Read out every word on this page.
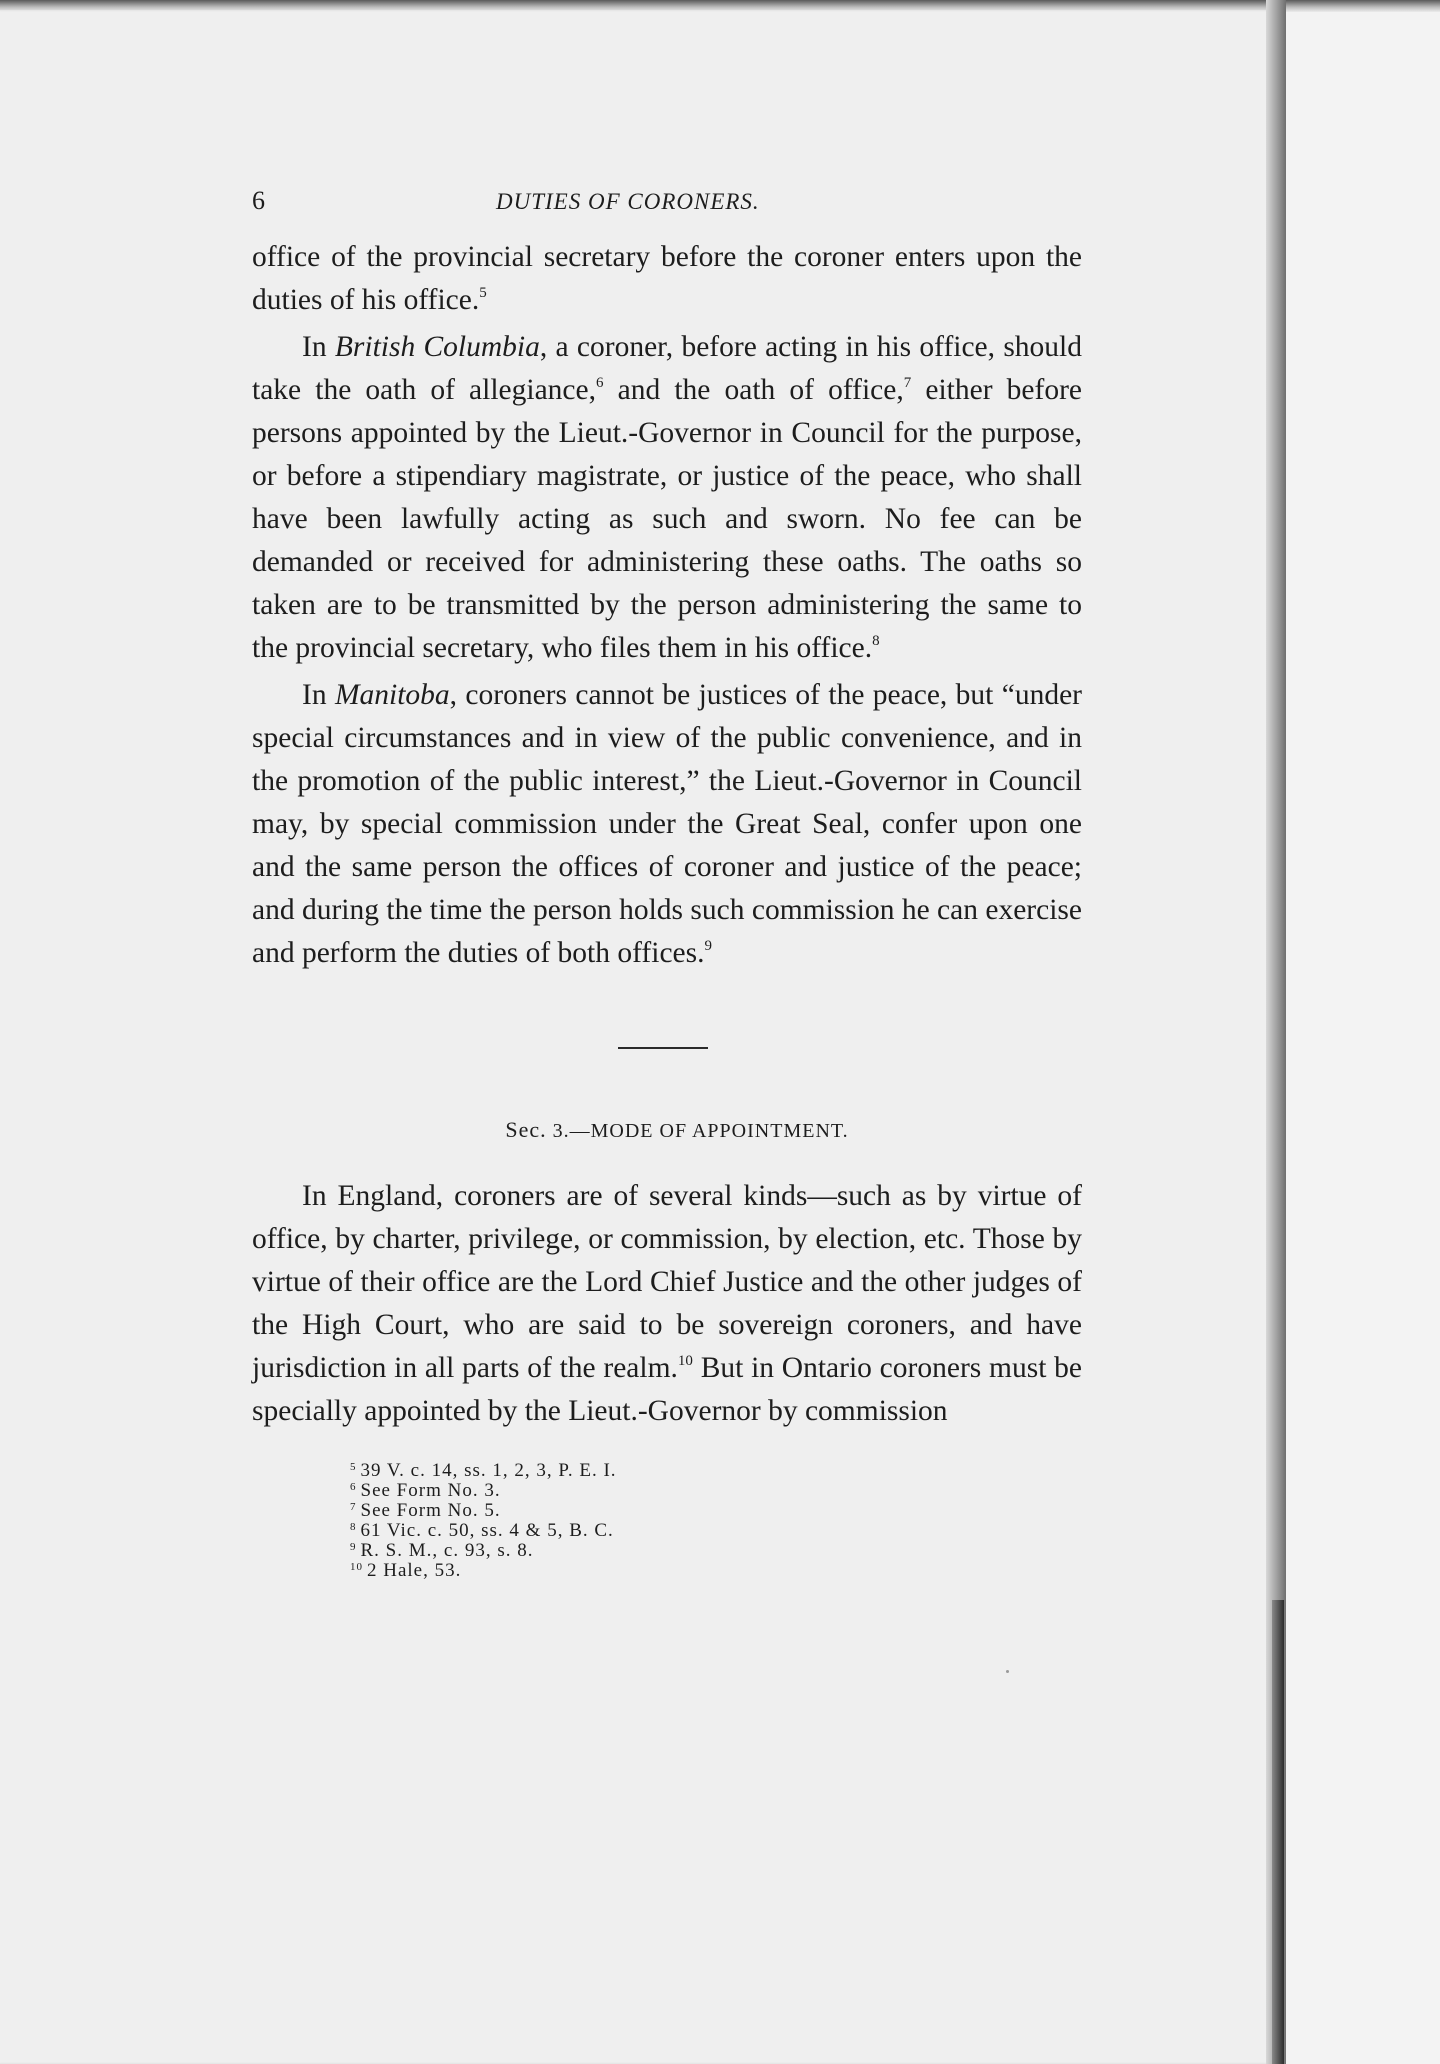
6	DUTIES OF CORONERS.

office of the provincial secretary before the coroner enters upon the duties of his office.$^5$

In British Columbia, a coroner, before acting in his office, should take the oath of allegiance,$^6$ and the oath of office,$^7$ either before persons appointed by the Lieut.-Governor in Council for the purpose, or before a stipendiary magistrate, or justice of the peace, who shall have been lawfully acting as such and sworn. No fee can be demanded or received for administering these oaths. The oaths so taken are to be transmitted by the person administering the same to the provincial secretary, who files them in his office.$^8$

In Manitoba, coroners cannot be justices of the peace, but “under special circumstances and in view of the public convenience, and in the promotion of the public interest,” the Lieut.-Governor in Council may, by special commission under the Great Seal, confer upon one and the same person the offices of coroner and justice of the peace; and during the time the person holds such commission he can exercise and perform the duties of both offices.$^9$

Sec. 3.—MODE OF APPOINTMENT.

In England, coroners are of several kinds—such as by virtue of office, by charter, privilege, or commission, by election, etc. Those by virtue of their office are the Lord Chief Justice and the other judges of the High Court, who are said to be sovereign coroners, and have jurisdiction in all parts of the realm.$^{10}$ But in Ontario coroners must be specially appointed by the Lieut.-Governor by commission

$^5$ 39 V. c. 14, ss. 1, 2, 3, P. E. I.
$^6$ See Form No. 3.
$^7$ See Form No. 5.
$^8$ 61 Vic. c. 50, ss. 4 & 5, B. C.
$^9$ R. S. M., c. 93, s. 8.
$^{10}$ 2 Hale, 53.
